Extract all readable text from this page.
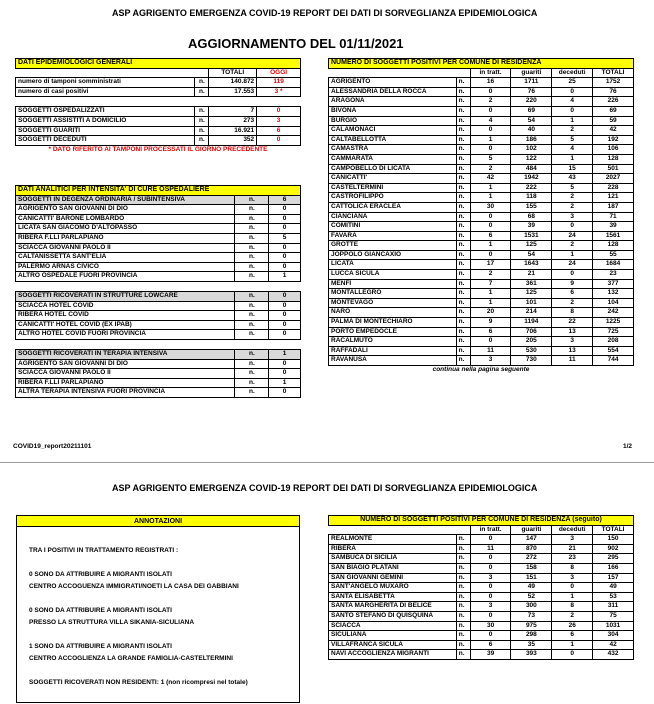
ASP AGRIGENTO EMERGENZA COVID-19 REPORT DEI DATI DI SORVEGLIANZA EPIDEMIOLOGICA
AGGIORNAMENTO DEL 01/11/2021
DATI EPIDEMIOLOGICI GENERALI			
		TOTALI	OGGI
numero di tamponi somministrati	n.	140.872	119
numero di casi positivi	n.	17.553	3 *

SOGGETTI OSPEDALIZZATI	n.	7	0
SOGGETTI ASSISTITI A DOMICILIO	n.	273	3
SOGGETTI GUARITI	n.	16.921	6
SOGGETTI DECEDUTI	n.	352	0
* DATO RIFERITO AI TAMPONI PROCESSATI IL GIORNO PRECEDENTE			
DATI ANALITICI PER INTENSITA' DI CURE OSPEDALIERE		
SOGGETTI IN DEGENZA ORDINARIA / SUBINTENSIVA	n.	6
AGRIGENTO SAN GIOVANNI DI DIO	n.	0
CANICATTI' BARONE LOMBARDO	n.	0
LICATA SAN GIACOMO D'ALTOPASSO	n.	0
RIBERA F.LLI PARLAPIANO	n.	5
SCIACCA GIOVANNI PAOLO II	n.	0
CALTANISSETTA SANT'ELIA	n.	0
PALERMO ARNAS CIVICO	n.	0
ALTRO OSPEDALE FUORI PROVINCIA	n.	1

SOGGETTI RICOVERATI IN STRUTTURE LOWCARE	n.	0
SCIACCA HOTEL COVID	n.	0
RIBERA HOTEL COVID	n.	0
CANICATTI' HOTEL COVID (EX IPAB)	n.	0
ALTRO HOTEL COVID FUORI PROVINCIA	n.	0

SOGGETTI RICOVERATI IN TERAPIA INTENSIVA	n.	1
AGRIGENTO SAN GIOVANNI DI DIO	n.	0
SCIACCA GIOVANNI PAOLO II	n.	0
RIBERA F.LLI PARLAPIANO	n.	1
ALTRA TERAPIA INTENSIVA FUORI PROVINCIA	n.	0
NUMERO DI SOGGETTI POSITIVI PER COMUNE DI RESIDENZA					
		in tratt.	guariti	deceduti	TOTALI
AGRIGENTO	n.	16	1711	25	1752
ALESSANDRIA DELLA ROCCA	n.	0	76	0	76
ARAGONA	n.	2	220	4	226
BIVONA	n.	0	69	0	69
BURGIO	n.	4	54	1	59
CALAMONACI	n.	0	40	2	42
CALTABELLOTTA	n.	1	186	5	192
CAMASTRA	n.	0	102	4	106
CAMMARATA	n.	5	122	1	128
CAMPOBELLO DI LICATA	n.	2	484	15	501
CANICATTI'	n.	42	1942	43	2027
CASTELTERMINI	n.	1	222	5	228
CASTROFILIPPO	n.	1	118	2	121
CATTOLICA ERACLEA	n.	30	155	2	187
CIANCIANA	n.	0	68	3	71
COMITINI	n.	0	39	0	39
FAVARA	n.	6	1531	24	1561
GROTTE	n.	1	125	2	128
JOPPOLO GIANCAXIO	n.	0	54	1	55
LICATA	n.	17	1643	24	1684
LUCCA SICULA	n.	2	21	0	23
MENFI	n.	7	361	9	377
MONTALLEGRO	n.	1	125	6	132
MONTEVAGO	n.	1	101	2	104
NARO	n.	20	214	8	242
PALMA DI MONTECHIARO	n.	9	1194	22	1225
PORTO EMPEDOCLE	n.	6	706	13	725
RACALMUTO	n.	0	205	3	208
RAFFADALI	n.	11	530	13	554
RAVANUSA	n.	3	730	11	744
continua nella pagina seguente					
COVID19_report20211101	1/2
ASP AGRIGENTO EMERGENZA COVID-19 REPORT DEI DATI DI SORVEGLIANZA EPIDEMIOLOGICA
ANNOTAZIONI
TRA I POSITIVI IN TRATTAMENTO REGISTRATI :
0 SONO DA ATTRIBUIRE A MIGRANTI ISOLATI
CENTRO ACCOGUENZA IMMIGRATI/NOETI LA CASA DEI GABBIANI
0 SONO DA ATTRIBUIRE A MIGRANTI ISOLATI
PRESSO LA STRUTTURA VILLA SIKANIA-SICULIANA
1 SONO DA ATTRIBUIRE A MIGRANTI ISOLATI
CENTRO ACCOGLIENZA LA GRANDE FAMIGLIA-CASTELTERMINI
SOGGETTI RICOVERATI NON RESIDENTI: 1 (non ricompresi nel totale)
NUMERO DI SOGGETTI POSITIVI PER COMUNE DI RESIDENZA (seguito)					
		in tratt.	guariti	deceduti	TOTALI
REALMONTE	n.	0	147	3	150
RIBERA	n.	11	870	21	902
SAMBUCA DI SICILIA	n.	0	272	23	295
SAN BIAGIO PLATANI	n.	0	158	8	166
SAN GIOVANNI GEMINI	n.	3	151	3	157
SANT'ANGELO MUXARO	n.	0	49	0	49
SANTA ELISABETTA	n.	0	52	1	53
SANTA MARGHERITA DI BELICE	n.	3	300	8	311
SANTO STEFANO DI QUISQUINA	n.	0	73	2	75
SCIACCA	n.	30	975	26	1031
SICULIANA	n.	0	298	6	304
VILLAFRANCA SICULA	n.	6	35	1	42
NAVI ACCOGLIENZA MIGRANTI	n.	39	393	0	432
